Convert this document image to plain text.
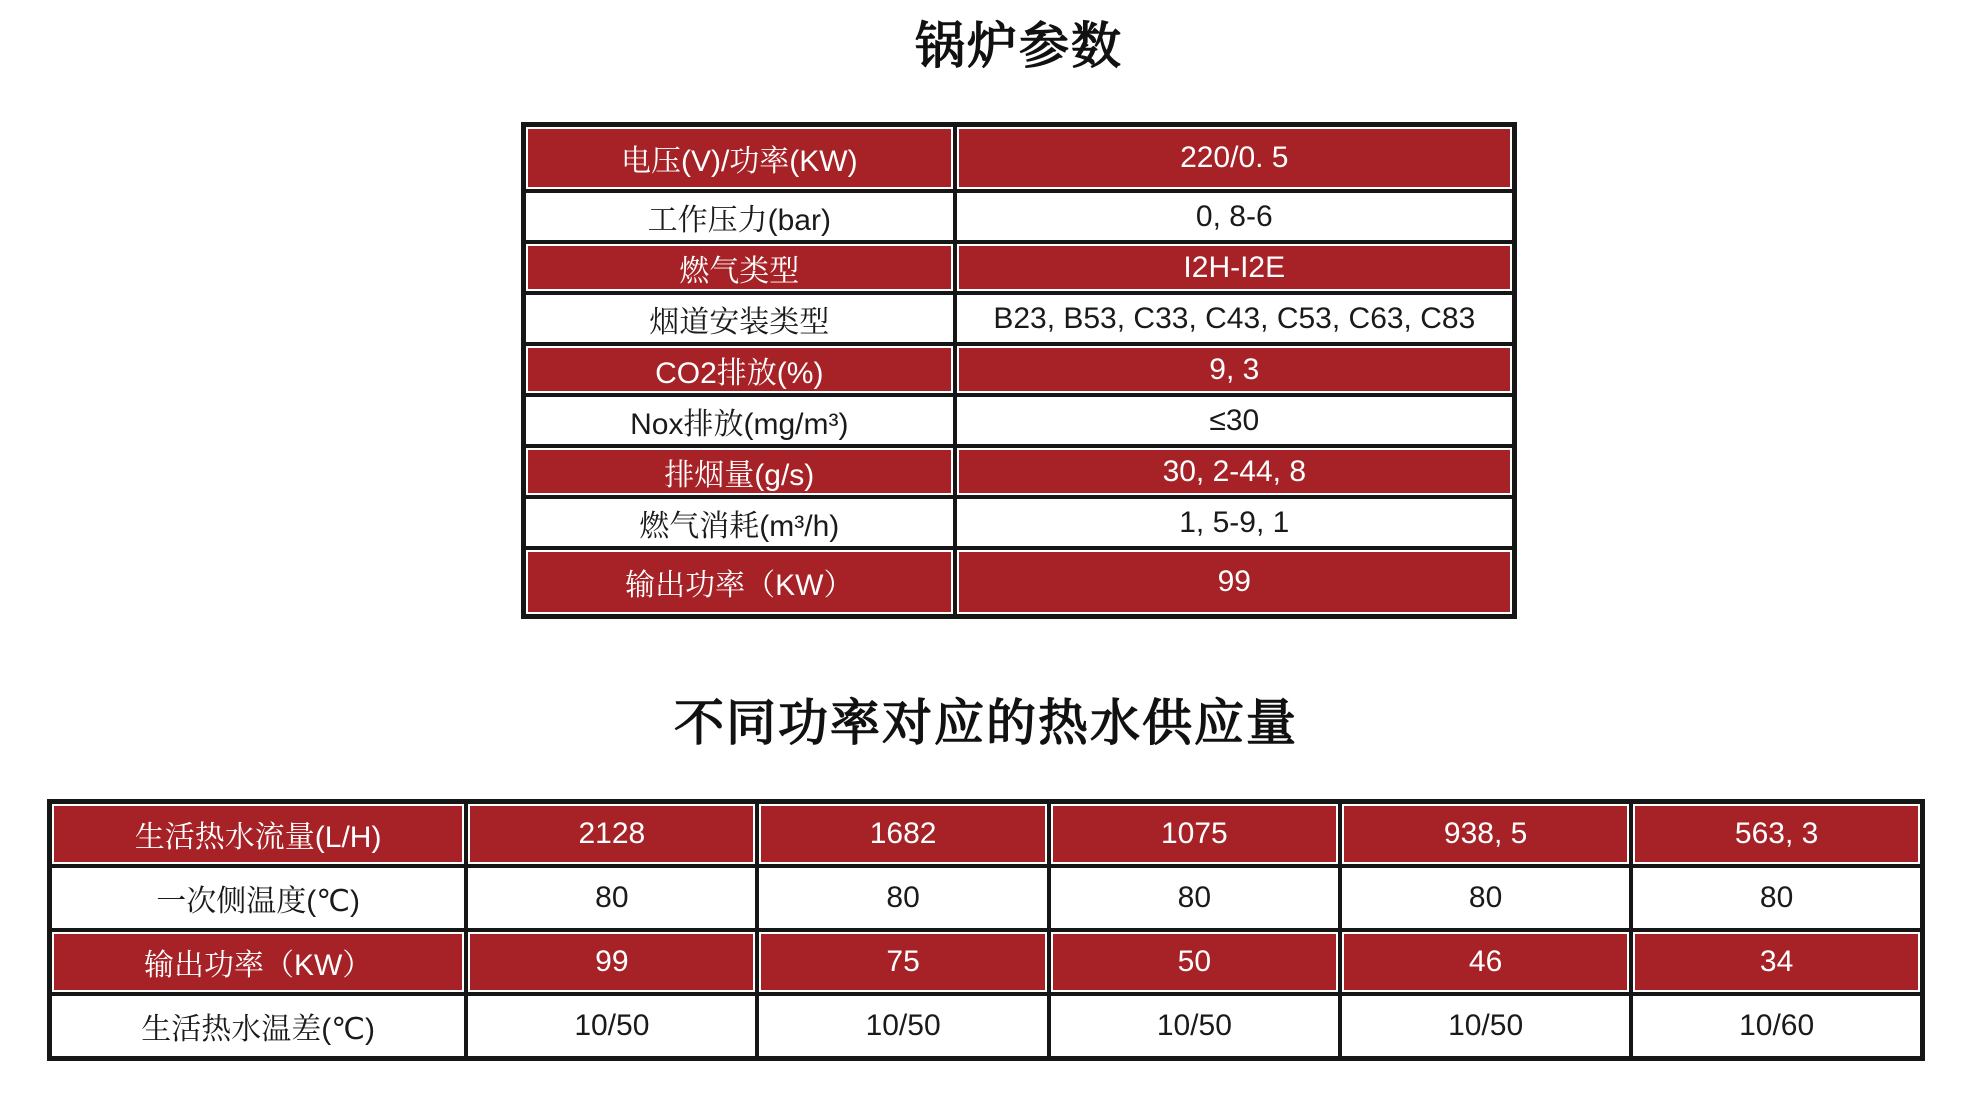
锅炉参数
电压(V)/功率(KW)	220/0. 5
工作压力(bar)	0, 8-6
燃气类型	I2H-I2E
烟道安装类型	B23, B53, C33, C43, C53, C63, C83
CO2排放(%)	9, 3
Nox排放(mg/m³)	≤30
排烟量(g/s)	30, 2-44, 8
燃气消耗(m³/h)	1, 5-9, 1
输出功率（KW）	99
不同功率对应的热水供应量
生活热水流量(L/H)	2128	1682	1075	938, 5	563, 3
一次侧温度(℃)	80	80	80	80	80
输出功率（KW）	99	75	50	46	34
生活热水温差(℃)	10/50	10/50	10/50	10/50	10/60
